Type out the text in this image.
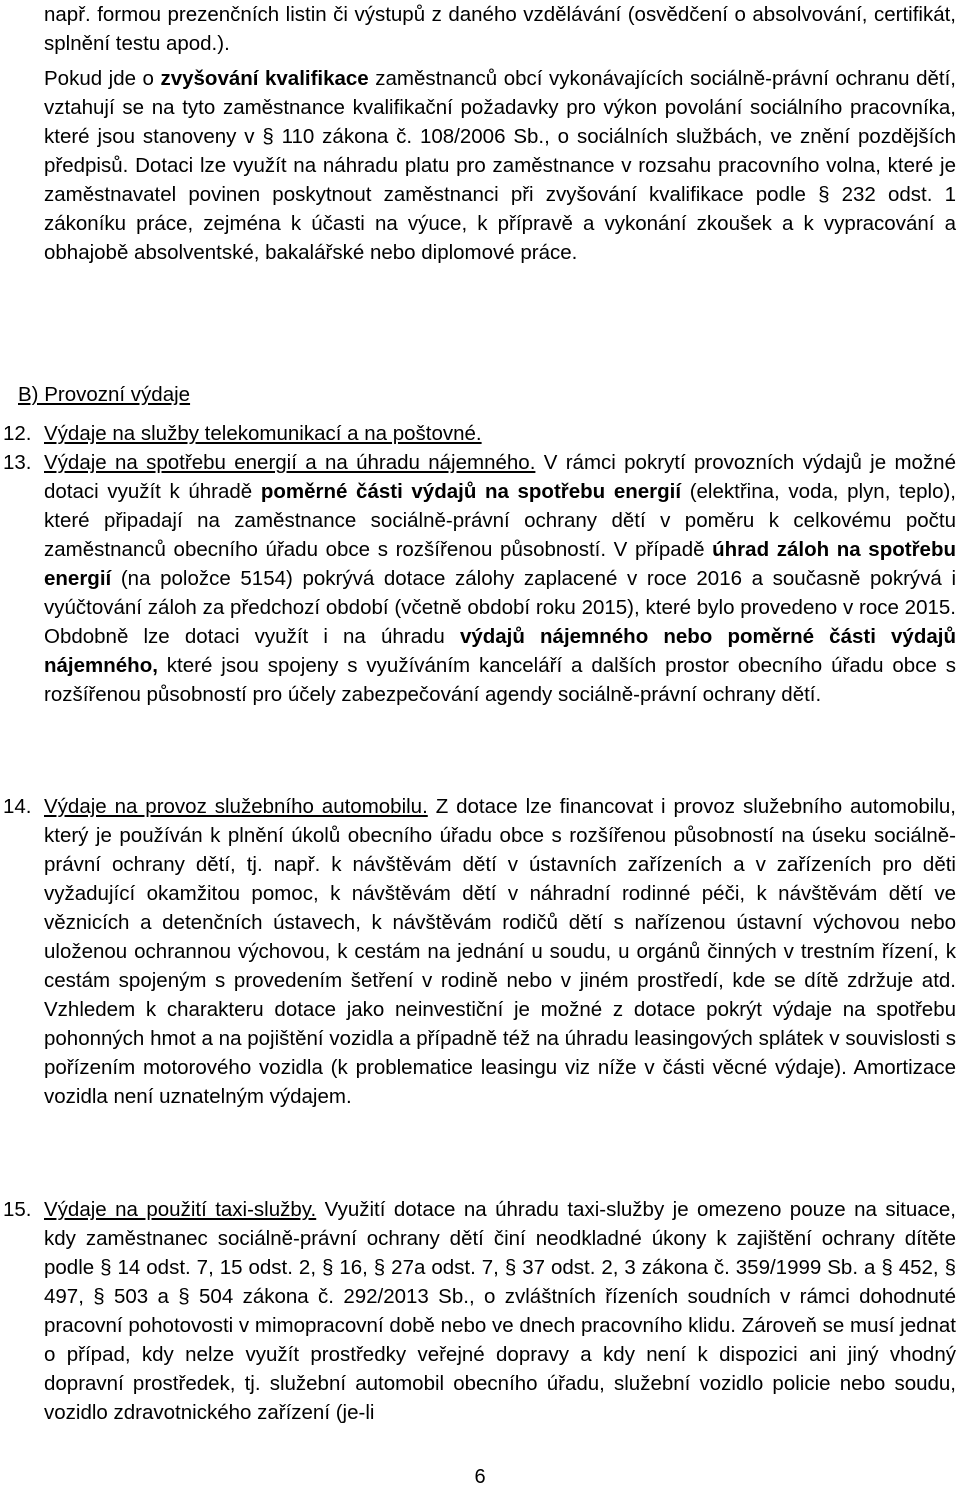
např. formou prezenčních listin či výstupů z daného vzdělávání (osvědčení o absolvování, certifikát, splnění testu apod.).
Pokud jde o zvyšování kvalifikace zaměstnanců obcí vykonávajících sociálně-právní ochranu dětí, vztahují se na tyto zaměstnance kvalifikační požadavky pro výkon povolání sociálního pracovníka, které jsou stanoveny v § 110 zákona č. 108/2006 Sb., o sociálních službách, ve znění pozdějších předpisů. Dotaci lze využít na náhradu platu pro zaměstnance v rozsahu pracovního volna, které je zaměstnavatel povinen poskytnout zaměstnanci při zvyšování kvalifikace podle § 232 odst. 1 zákoníku práce, zejména k účasti na výuce, k přípravě a vykonání zkoušek a k vypracování a obhajobě absolventské, bakalářské nebo diplomové práce.
B) Provozní výdaje
12. Výdaje na služby telekomunikací a na poštovné.
13. Výdaje na spotřebu energií a na úhradu nájemného. V rámci pokrytí provozních výdajů je možné dotaci využít k úhradě poměrné části výdajů na spotřebu energií (elektřina, voda, plyn, teplo), které připadají na zaměstnance sociálně-právní ochrany dětí v poměru k celkovému počtu zaměstnanců obecního úřadu obce s rozšířenou působností. V případě úhrad záloh na spotřebu energií (na položce 5154) pokrývá dotace zálohy zaplacené v roce 2016 a současně pokrývá i vyúčtování záloh za předchozí období (včetně období roku 2015), které bylo provedeno v roce 2015. Obdobně lze dotaci využít i na úhradu výdajů nájemného nebo poměrné části výdajů nájemného, které jsou spojeny s využíváním kanceláří a dalších prostor obecního úřadu obce s rozšířenou působností pro účely zabezpečování agendy sociálně-právní ochrany dětí.
14. Výdaje na provoz služebního automobilu. Z dotace lze financovat i provoz služebního automobilu, který je používán k plnění úkolů obecního úřadu obce s rozšířenou působností na úseku sociálně-právní ochrany dětí, tj. např. k návštěvám dětí v ústavních zařízeních a v zařízeních pro děti vyžadující okamžitou pomoc, k návštěvám dětí v náhradní rodinné péči, k návštěvám dětí ve věznicích a detenčních ústavech, k návštěvám rodičů dětí s nařízenou ústavní výchovou nebo uloženou ochrannou výchovou, k cestám na jednání u soudu, u orgánů činných v trestním řízení, k cestám spojeným s provedením šetření v rodině nebo v jiném prostředí, kde se dítě zdržuje atd. Vzhledem k charakteru dotace jako neinvestiční je možné z dotace pokrýt výdaje na spotřebu pohonných hmot a na pojištění vozidla a případně též na úhradu leasingových splátek v souvislosti s pořízením motorového vozidla (k problematice leasingu viz níže v části věcné výdaje). Amortizace vozidla není uznatelným výdajem.
15. Výdaje na použití taxi-služby. Využití dotace na úhradu taxi-služby je omezeno pouze na situace, kdy zaměstnanec sociálně-právní ochrany dětí činí neodkladné úkony k zajištění ochrany dítěte podle § 14 odst. 7, 15 odst. 2, § 16, § 27a odst. 7, § 37 odst. 2, 3 zákona č. 359/1999 Sb. a § 452, § 497, § 503 a § 504 zákona č. 292/2013 Sb., o zvláštních řízeních soudních v rámci dohodnuté pracovní pohotovosti v mimopracovní době nebo ve dnech pracovního klidu. Zároveň se musí jednat o případ, kdy nelze využít prostředky veřejné dopravy a kdy není k dispozici ani jiný vhodný dopravní prostředek, tj. služební automobil obecního úřadu, služební vozidlo policie nebo soudu, vozidlo zdravotnického zařízení (je-li
6
